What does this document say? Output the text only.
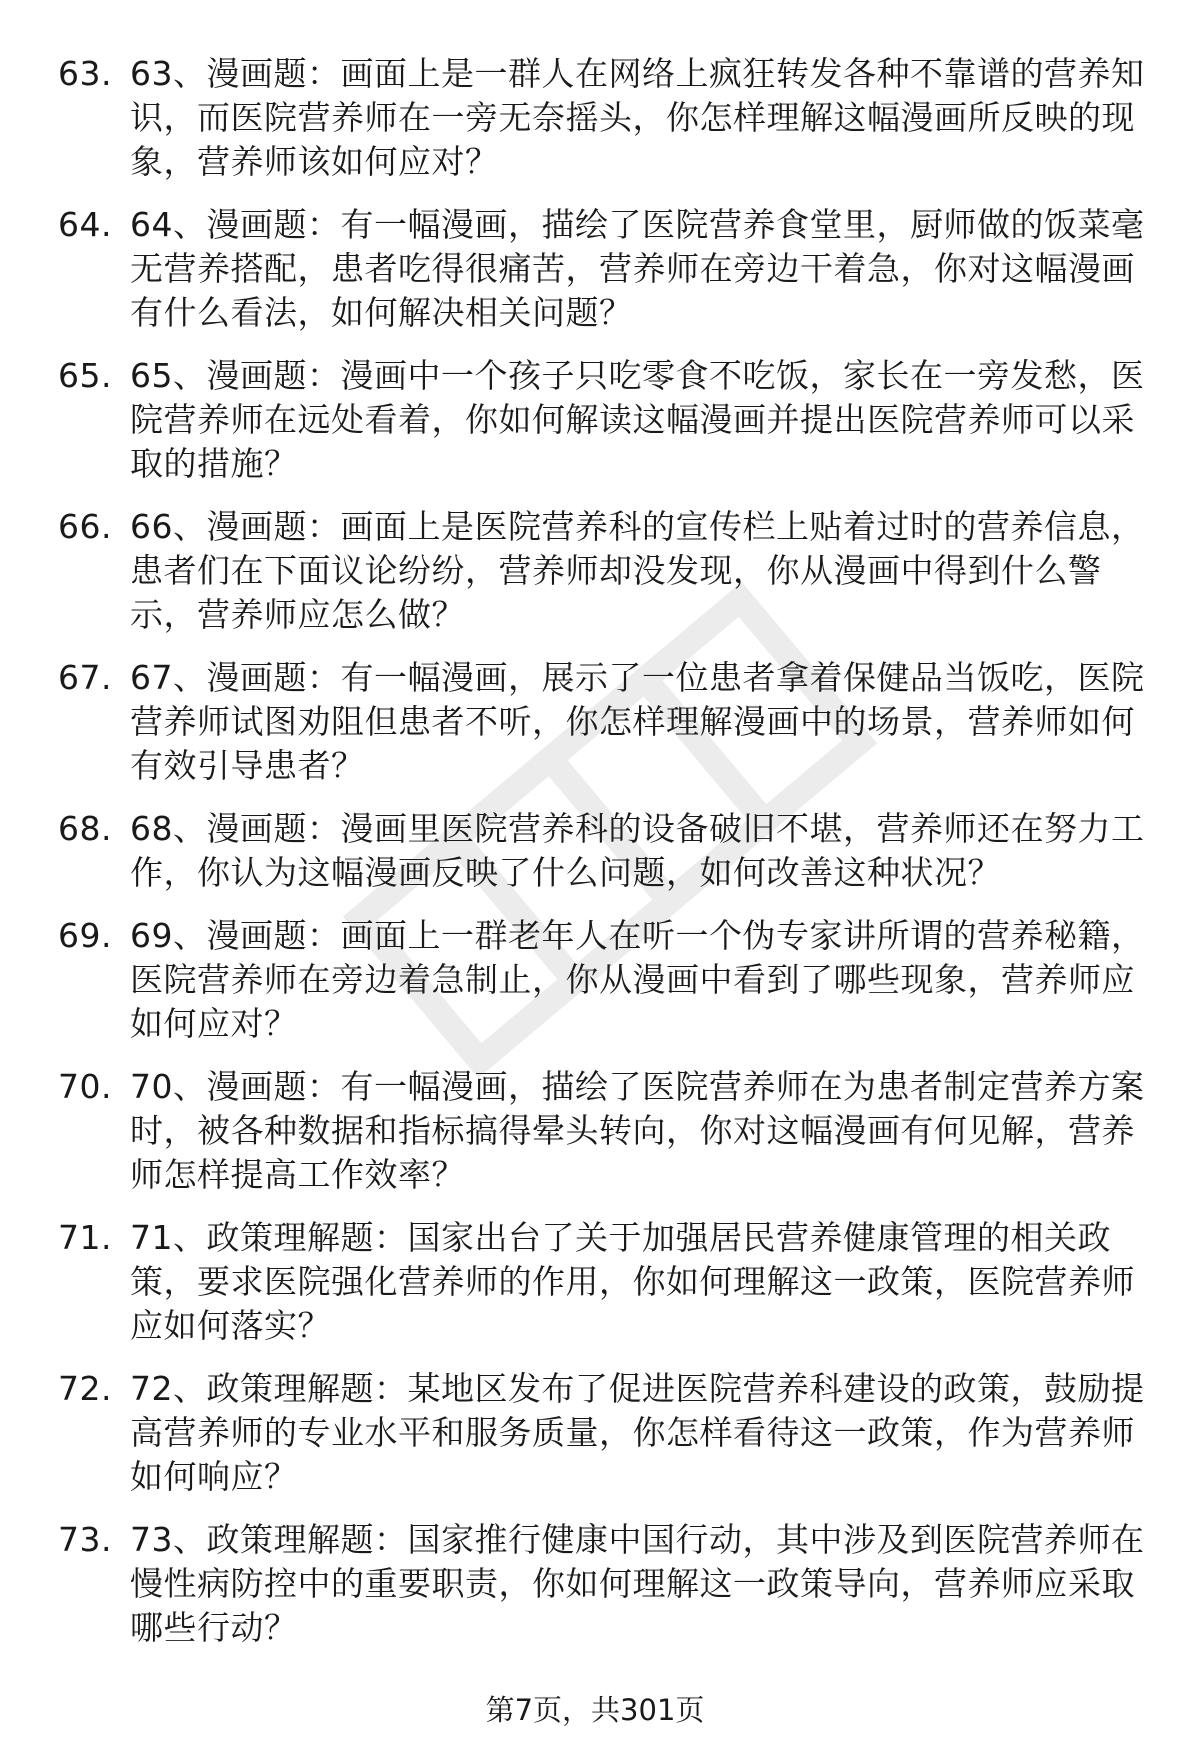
63. 63、漫画题：画面上是一群人在网络上疯狂转发各种不靠谱的营养知识，而医院营养师在一旁无奈摇头，你怎样理解这幅漫画所反映的现象，营养师该如何应对？
64. 64、漫画题：有一幅漫画，描绘了医院营养食堂里，厨师做的饭菜毫无营养搭配，患者吃得很痛苦，营养师在旁边干着急，你对这幅漫画有什么看法，如何解决相关问题？
65. 65、漫画题：漫画中一个孩子只吃零食不吃饭，家长在一旁发愁，医院营养师在远处看着，你如何解读这幅漫画并提出医院营养师可以采取的措施？
66. 66、漫画题：画面上是医院营养科的宣传栏上贴着过时的营养信息，患者们在下面议论纷纷，营养师却没发现，你从漫画中得到什么警示，营养师应怎么做？
67. 67、漫画题：有一幅漫画，展示了一位患者拿着保健品当饭吃，医院营养师试图劝阻但患者不听，你怎样理解漫画中的场景，营养师如何有效引导患者？
68. 68、漫画题：漫画里医院营养科的设备破旧不堪，营养师还在努力工作，你认为这幅漫画反映了什么问题，如何改善这种状况？
69. 69、漫画题：画面上一群老年人在听一个伪专家讲所谓的营养秘籍，医院营养师在旁边着急制止，你从漫画中看到了哪些现象，营养师应如何应对？
70. 70、漫画题：有一幅漫画，描绘了医院营养师在为患者制定营养方案时，被各种数据和指标搞得晕头转向，你对这幅漫画有何见解，营养师怎样提高工作效率？
71. 71、政策理解题：国家出台了关于加强居民营养健康管理的相关政策，要求医院强化营养师的作用，你如何理解这一政策，医院营养师应如何落实？
72. 72、政策理解题：某地区发布了促进医院营养科建设的政策，鼓励提高营养师的专业水平和服务质量，你怎样看待这一政策，作为营养师如何响应？
73. 73、政策理解题：国家推行健康中国行动，其中涉及到医院营养师在慢性病防控中的重要职责，你如何理解这一政策导向，营养师应采取哪些行动？
第7页，共301页
